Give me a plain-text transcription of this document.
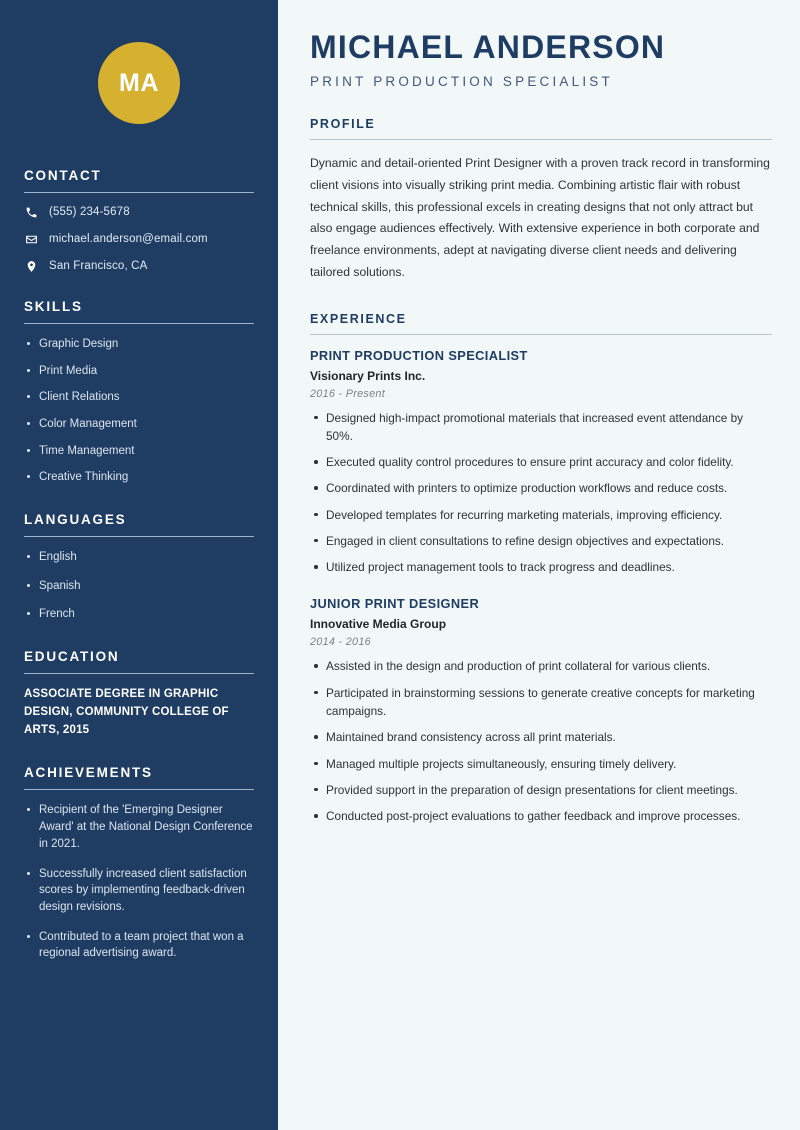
MA
CONTACT
(555) 234-5678
michael.anderson@email.com
San Francisco, CA
SKILLS
Graphic Design
Print Media
Client Relations
Color Management
Time Management
Creative Thinking
LANGUAGES
English
Spanish
French
EDUCATION
ASSOCIATE DEGREE IN GRAPHIC DESIGN, COMMUNITY COLLEGE OF ARTS, 2015
ACHIEVEMENTS
Recipient of the 'Emerging Designer Award' at the National Design Conference in 2021.
Successfully increased client satisfaction scores by implementing feedback-driven design revisions.
Contributed to a team project that won a regional advertising award.
MICHAEL ANDERSON
PRINT PRODUCTION SPECIALIST
PROFILE

Dynamic and detail-oriented Print Designer with a proven track record in transforming client visions into visually striking print media. Combining artistic flair with robust technical skills, this professional excels in creating designs that not only attract but also engage audiences effectively. With extensive experience in both corporate and freelance environments, adept at navigating diverse client needs and delivering tailored solutions.

EXPERIENCE
PRINT PRODUCTION SPECIALIST
Visionary Prints Inc.
2016 - Present
Designed high-impact promotional materials that increased event attendance by 50%.
Executed quality control procedures to ensure print accuracy and color fidelity.
Coordinated with printers to optimize production workflows and reduce costs.
Developed templates for recurring marketing materials, improving efficiency.
Engaged in client consultations to refine design objectives and expectations.
Utilized project management tools to track progress and deadlines.
JUNIOR PRINT DESIGNER
Innovative Media Group
2014 - 2016
Assisted in the design and production of print collateral for various clients.
Participated in brainstorming sessions to generate creative concepts for marketing campaigns.
Maintained brand consistency across all print materials.
Managed multiple projects simultaneously, ensuring timely delivery.
Provided support in the preparation of design presentations for client meetings.
Conducted post-project evaluations to gather feedback and improve processes.
